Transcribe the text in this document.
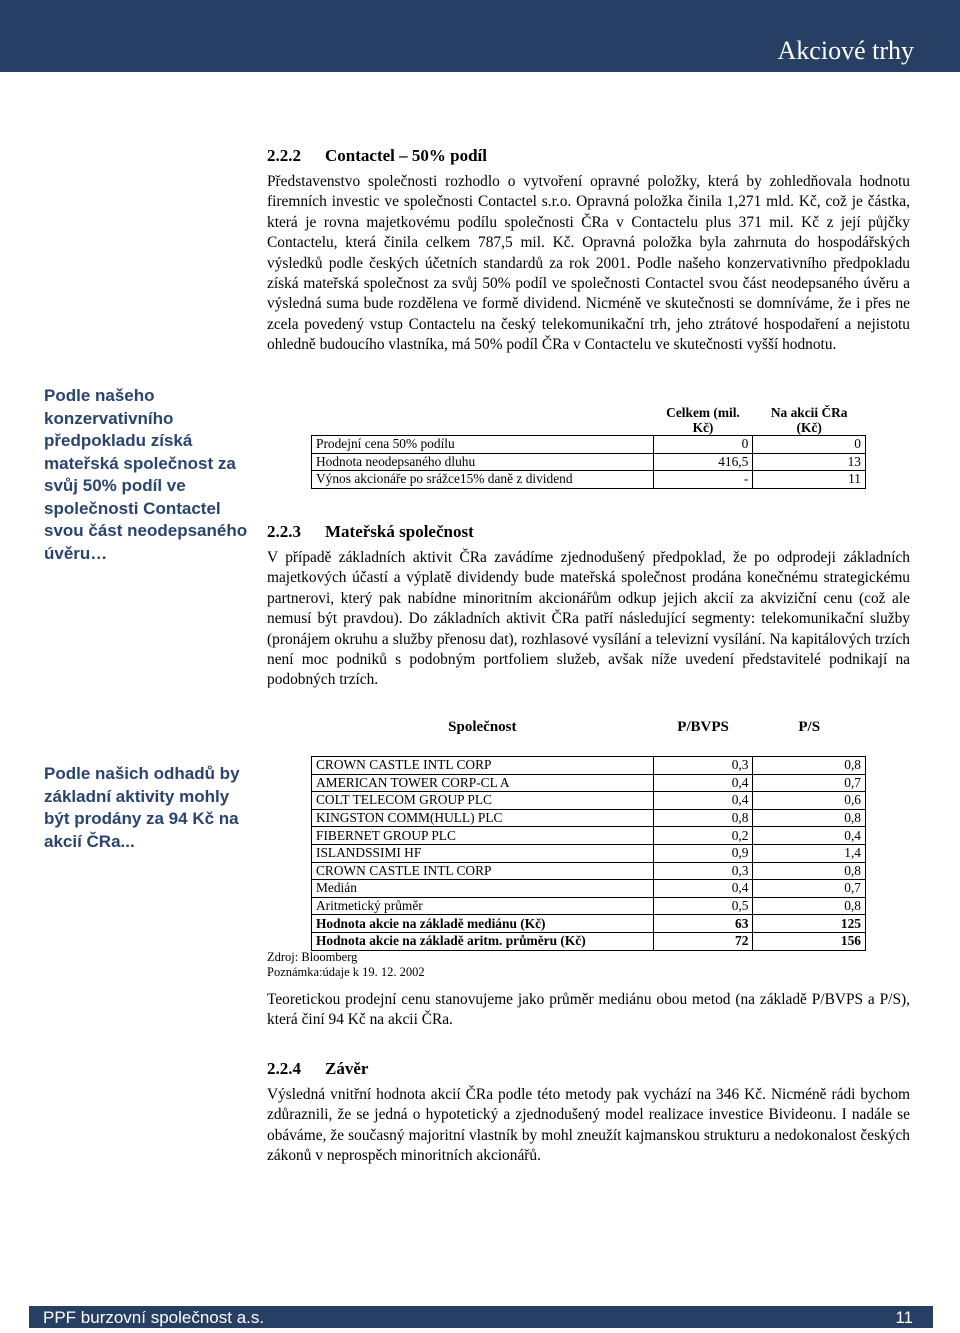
Akciové trhy
Podle našeho konzervativního předpokladu získá mateřská společnost za svůj 50% podíl ve společnosti Contactel svou část neodepsaného úvěru…
Podle našich odhadů by základní aktivity mohly být prodány za 94 Kč na akcií ČRa...
2.2.2 Contactel – 50% podíl

Představenstvo společnosti rozhodlo o vytvoření opravné položky, která by zohledňovala hodnotu firemních investic ve společnosti Contactel s.r.o. Opravná položka činila 1,271 mld. Kč, což je částka, která je rovna majetkovému podílu společnosti ČRa v Contactelu plus 371 mil. Kč z její půjčky Contactelu, která činila celkem 787,5 mil. Kč. Opravná položka byla zahrnuta do hospodářských výsledků podle českých účetních standardů za rok 2001. Podle našeho konzervativního předpokladu získá mateřská společnost za svůj 50% podíl ve společnosti Contactel svou část neodepsaného úvěru a výsledná suma bude rozdělena ve formě dividend. Nicméně ve skutečnosti se domníváme, že i přes ne zcela povedený vstup Contactelu na český telekomunikační trh, jeho ztrátové hospodaření a nejistotu ohledně budoucího vlastníka, má 50% podíl ČRa v Contactelu ve skutečnosti vyšší hodnotu.

	Celkem (mil. Kč)	Na akcii ČRa (Kč)
Prodejní cena 50% podílu	0	0
Hodnota neodepsaného dluhu	416,5	13
Výnos akcionáře po srážce15% daně z dividend	-	11
2.2.3 Mateřská společnost

V případě základních aktivit ČRa zavádíme zjednodušený předpoklad, že po odprodeji základních majetkových účastí a výplatě dividendy bude mateřská společnost prodána konečnému strategickému partnerovi, který pak nabídne minoritním akcionářům odkup jejich akcií za akviziční cenu (což ale nemusí být pravdou). Do základních aktivit ČRa patří následující segmenty: telekomunikační služby (pronájem okruhu a služby přenosu dat), rozhlasové vysílání a televizní vysílání. Na kapitálových trzích není moc podniků s podobným portfoliem služeb, avšak níže uvedení představitelé podnikají na podobných trzích.

Společnost	P/BVPS	P/S
CROWN CASTLE INTL CORP	0,3	0,8
AMERICAN TOWER CORP-CL A	0,4	0,7
COLT TELECOM GROUP PLC	0,4	0,6
KINGSTON COMM(HULL) PLC	0,8	0,8
FIBERNET GROUP PLC	0,2	0,4
ISLANDSSIMI HF	0,9	1,4
CROWN CASTLE INTL CORP	0,3	0,8
Medián	0,4	0,7
Aritmetický průměr	0,5	0,8
Hodnota akcie na základě mediánu (Kč)	63	125
Hodnota akcie na základě aritm. průměru (Kč)	72	156
Zdroj: Bloomberg
Poznámka:údaje k 19. 12. 2002

Teoretickou prodejní cenu stanovujeme jako průměr mediánu obou metod (na základě P/BVPS a P/S), která činí 94 Kč na akcii ČRa.

2.2.4 Závěr

Výsledná vnitřní hodnota akcií ČRa podle této metody pak vychází na 346 Kč. Nicméně rádi bychom zdůraznili, že se jedná o hypotetický a zjednodušený model realizace investice Bivideonu. I nadále se obáváme, že současný majoritní vlastník by mohl zneužít kajmanskou strukturu a nedokonalost českých zákonů v neprospěch minoritních akcionářů.

PPF burzovní společnost a.s.	11
